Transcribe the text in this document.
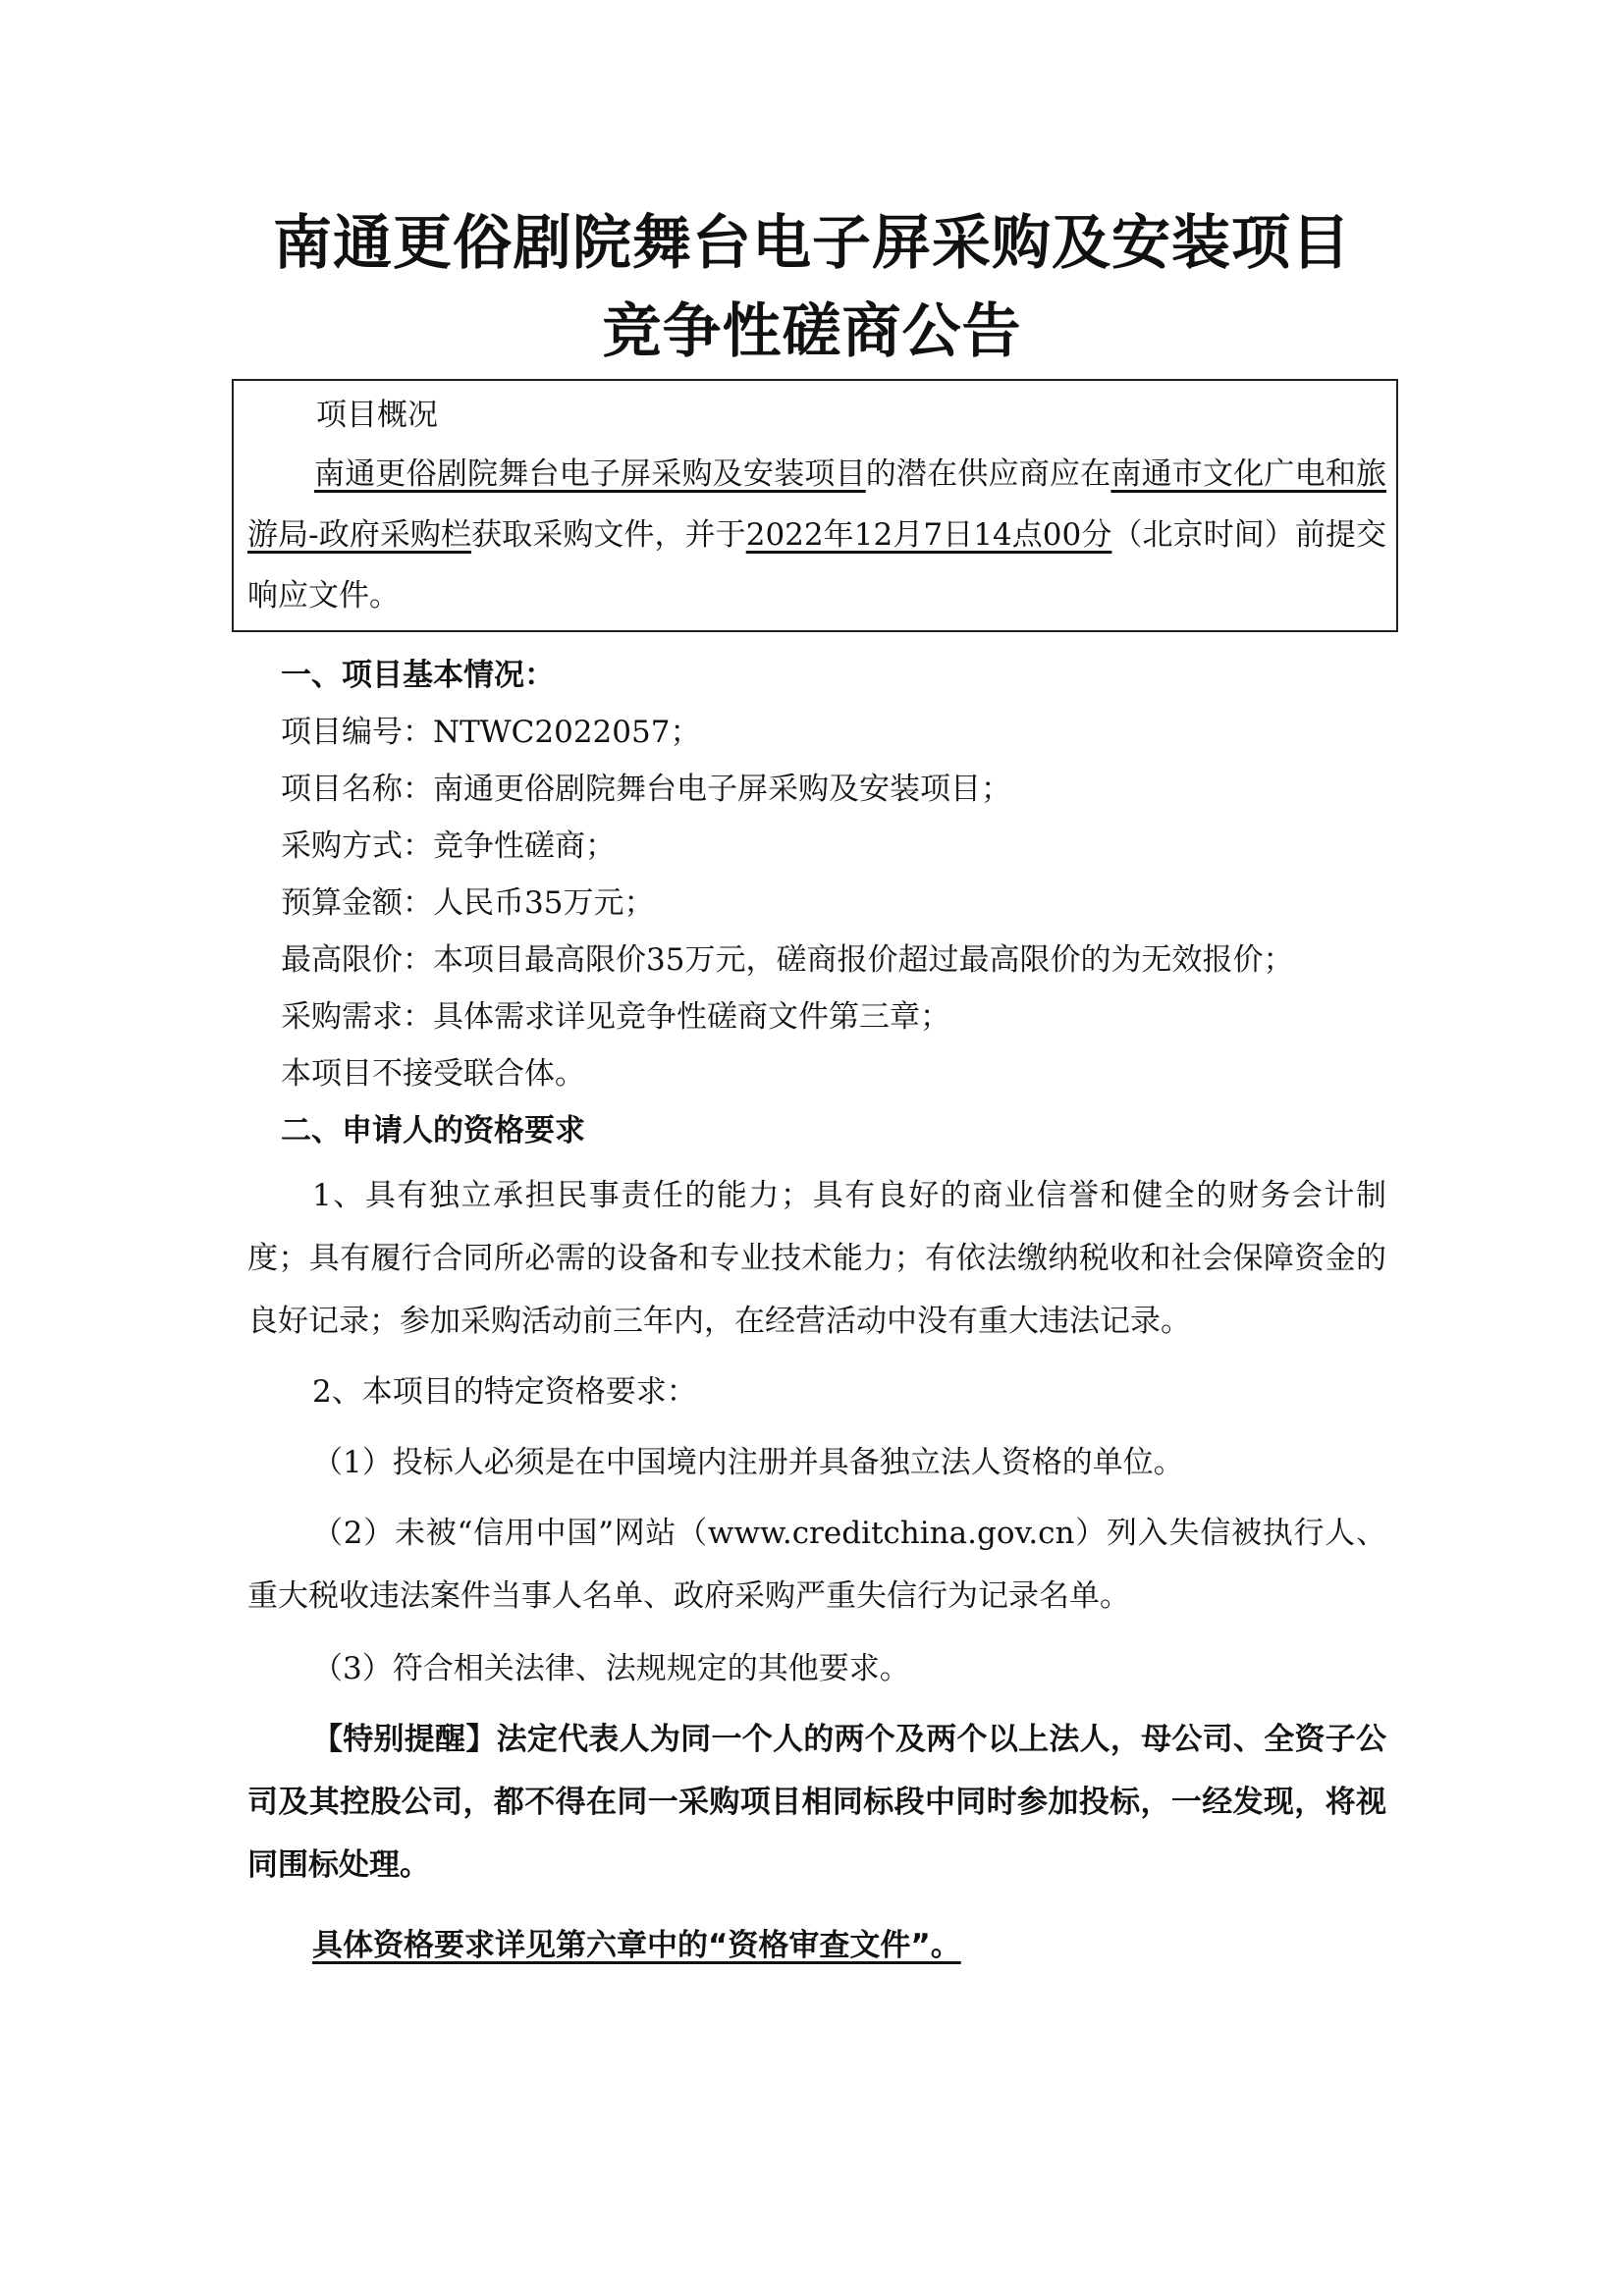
南通更俗剧院舞台电子屏采购及安装项目
竞争性磋商公告
项目概况
南通更俗剧院舞台电子屏采购及安装项目的潜在供应商应在南通市文化广电和旅游局-政府采购栏获取采购文件，并于2022年12月7日14点00分（北京时间）前提交响应文件。
一、项目基本情况：
项目编号：NTWC2022057；
项目名称：南通更俗剧院舞台电子屏采购及安装项目；
采购方式：竞争性磋商；
预算金额：人民币35万元；
最高限价：本项目最高限价35万元，磋商报价超过最高限价的为无效报价；
采购需求：具体需求详见竞争性磋商文件第三章；
本项目不接受联合体。
二、申请人的资格要求
1、具有独立承担民事责任的能力；具有良好的商业信誉和健全的财务会计制度；具有履行合同所必需的设备和专业技术能力；有依法缴纳税收和社会保障资金的良好记录；参加采购活动前三年内，在经营活动中没有重大违法记录。
2、本项目的特定资格要求：
（1）投标人必须是在中国境内注册并具备独立法人资格的单位。
（2）未被“信用中国”网站（www.creditchina.gov.cn）列入失信被执行人、重大税收违法案件当事人名单、政府采购严重失信行为记录名单。
（3）符合相关法律、法规规定的其他要求。
【特别提醒】法定代表人为同一个人的两个及两个以上法人，母公司、全资子公司及其控股公司，都不得在同一采购项目相同标段中同时参加投标，一经发现，将视同围标处理。
具体资格要求详见第六章中的“资格审查文件”。
